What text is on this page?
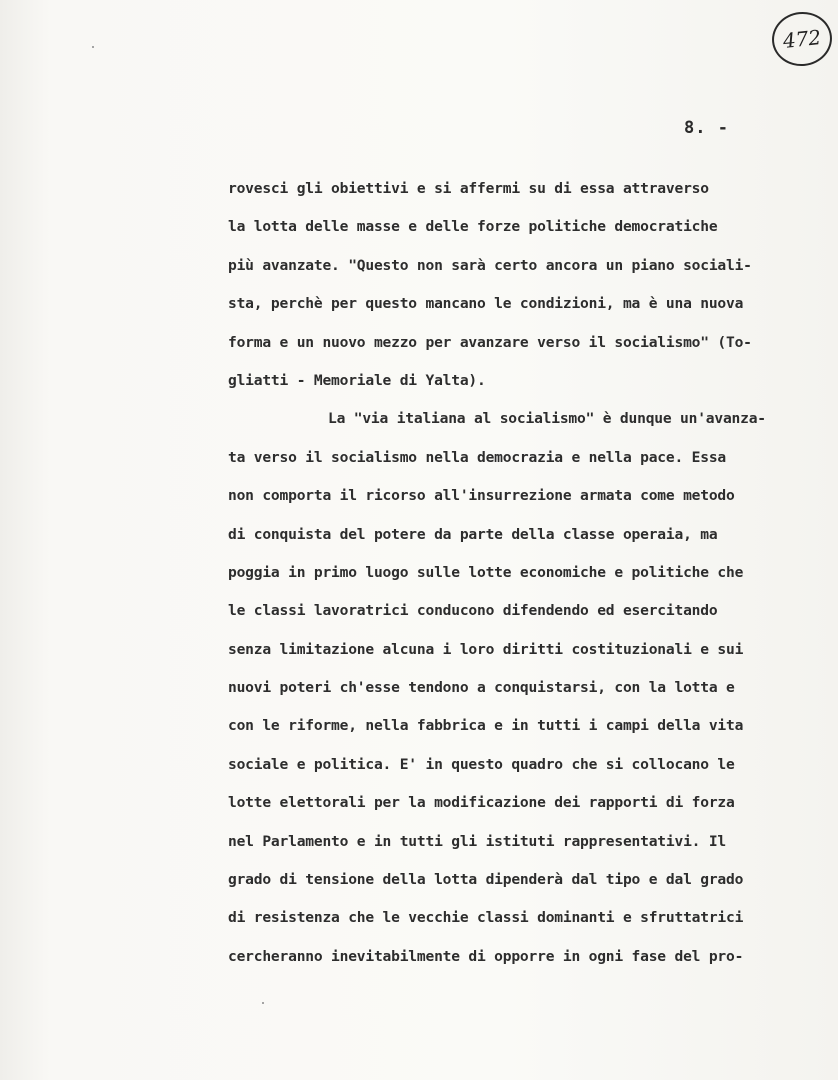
472
8. -
rovesci gli obiettivi e si affermi su di essa attraverso
la lotta delle masse e delle forze politiche democratiche
più avanzate. "Questo non sarà certo ancora un piano sociali-
sta, perchè per questo mancano le condizioni, ma è una nuova
forma e un nuovo mezzo per avanzare verso il socialismo" (To-
gliatti - Memoriale di Yalta).
La "via italiana al socialismo" è dunque un'avanza-
ta verso il socialismo nella democrazia e nella pace. Essa
non comporta il ricorso all'insurrezione armata come metodo
di conquista del potere da parte della classe operaia, ma
poggia in primo luogo sulle lotte economiche e politiche che
le classi lavoratrici conducono difendendo ed esercitando
senza limitazione alcuna i loro diritti costituzionali e sui
nuovi poteri ch'esse tendono a conquistarsi, con la lotta e
con le riforme, nella fabbrica e in tutti i campi della vita
sociale e politica. E' in questo quadro che si collocano le
lotte elettorali per la modificazione dei rapporti di forza
nel Parlamento e in tutti gli istituti rappresentativi. Il
grado di tensione della lotta dipenderà dal tipo e dal grado
di resistenza che le vecchie classi dominanti e sfruttatrici
cercheranno inevitabilmente di opporre in ogni fase del pro-
